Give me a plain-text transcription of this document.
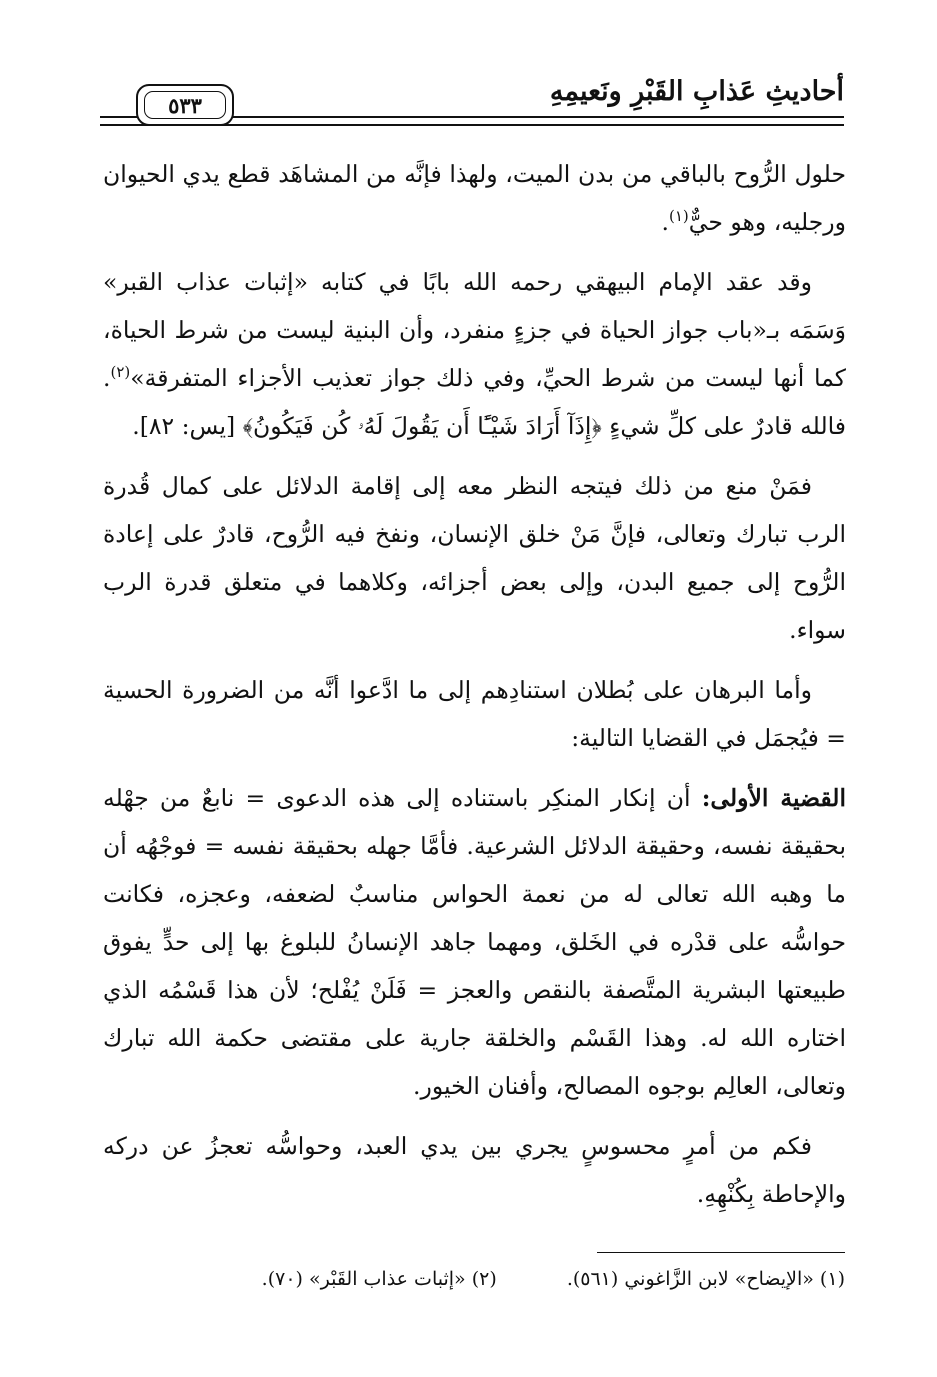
أحاديثِ عَذابِ القَبْرِ ونَعيمِهِ
٥٣٣

حلول الرُّوح بالباقي من بدن الميت، ولهذا فإنَّه من المشاهَد قطع يدي الحيوان ورجليه، وهو حيٌّ$^{(١)}$.

وقد عقد الإمام البيهقي رحمه الله بابًا في كتابه «إثبات عذاب القبر» وَسَمَه بـ«باب جواز الحياة في جزءٍ منفرد، وأن البنية ليست من شرط الحياة، كما أنها ليست من شرط الحيِّ، وفي ذلك جواز تعذيب الأجزاء المتفرقة»$^{(٢)}$. فالله قادرٌ على كلِّ شيءٍ ﴿إِذَآ أَرَادَ شَيْـًٔا أَن يَقُولَ لَهُۥ كُن فَيَكُونُ﴾ [يس: ٨٢].

فمَنْ منع من ذلك فيتجه النظر معه إلى إقامة الدلائل على كمال قُدرة الرب تبارك وتعالى، فإنَّ مَنْ خلق الإنسان، ونفخ فيه الرُّوح، قادرٌ على إعادة الرُّوح إلى جميع البدن، وإلى بعض أجزائه، وكلاهما في متعلق قدرة الرب سواء.

وأما البرهان على بُطلان استنادِهم إلى ما ادَّعوا أنَّه من الضرورة الحسية = فيُجمَل في القضايا التالية:

القضية الأولى: أن إنكار المنكِر باستناده إلى هذه الدعوى = نابعٌ من جهْله بحقيقة نفسه، وحقيقة الدلائل الشرعية. فأمَّا جهله بحقيقة نفسه = فوجْهُه أن ما وهبه الله تعالى له من نعمة الحواس مناسبٌ لضعفه، وعجزه، فكانت حواسُّه على قدْره في الخَلق، ومهما جاهد الإنسانُ للبلوغ بها إلى حدٍّ يفوق طبيعتها البشرية المتَّصفة بالنقص والعجز = فَلَنْ يُفْلح؛ لأن هذا قَسْمُه الذي اختاره الله له. وهذا القَسْم والخلقة جارية على مقتضى حكمة الله تبارك وتعالى، العالِم بوجوه المصالح، وأفنان الخيور.

فكم من أمرٍ محسوسٍ يجري بين يدي العبد، وحواسُّه تعجزُ عن دركه والإحاطة بِكُنْهِهِ.

(١) «الإيضاح» لابن الزَّاغوني (٥٦١). (٢) «إثبات عذاب القَبْر» (٧٠).
